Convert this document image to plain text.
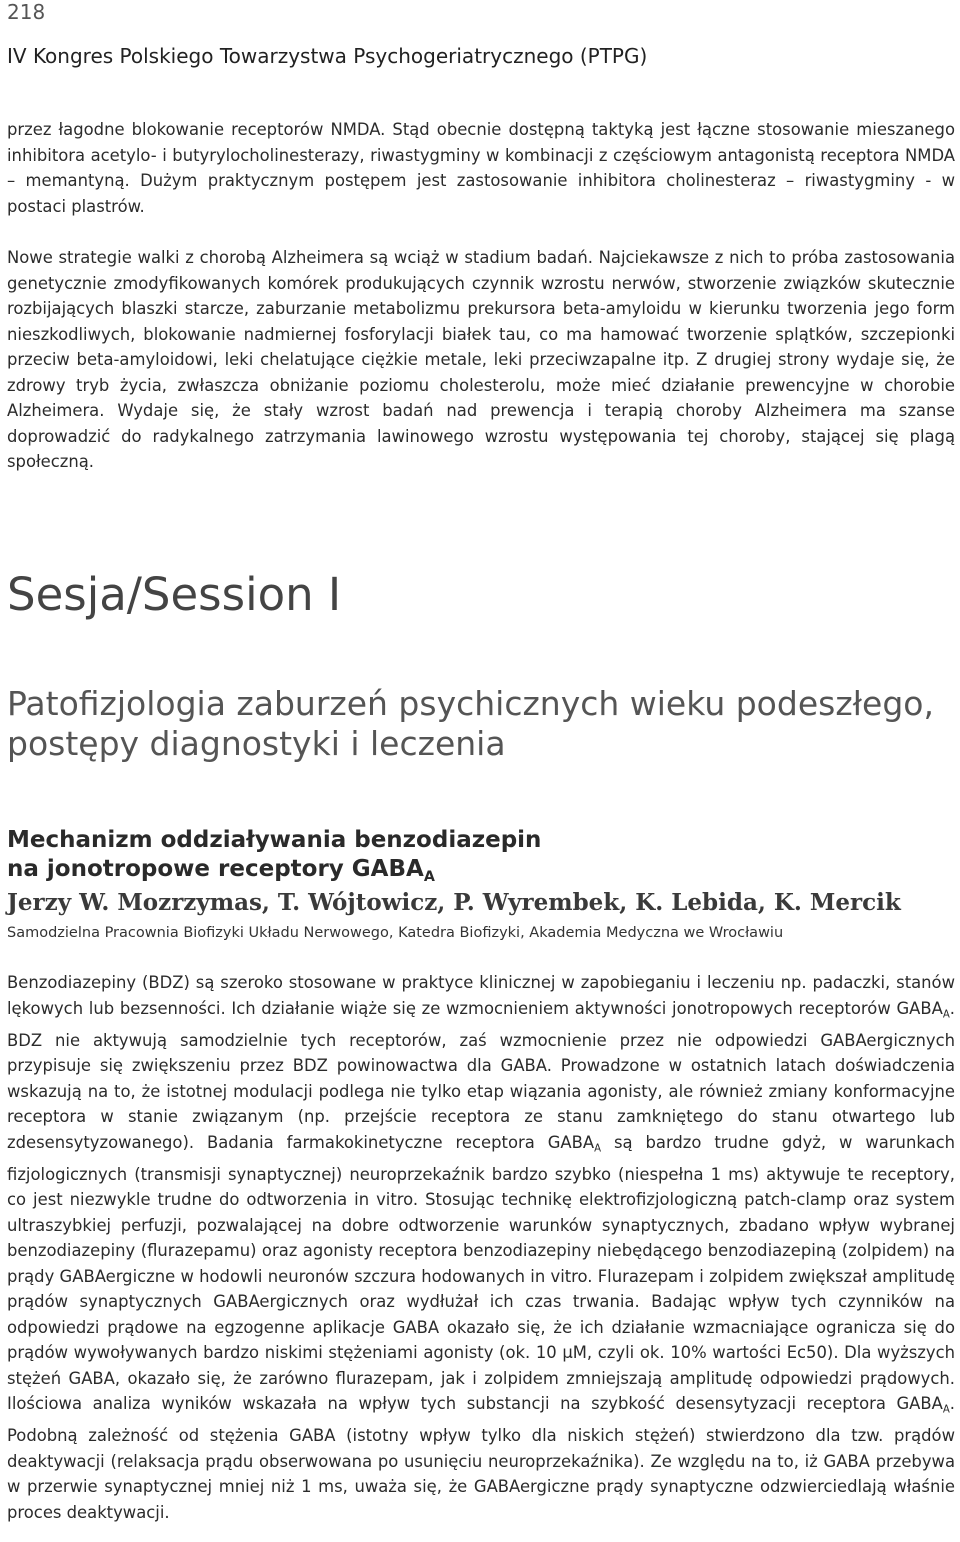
218
IV Kongres Polskiego Towarzystwa Psychogeriatrycznego (PTPG)

przez łagodne blokowanie receptorów NMDA. Stąd obecnie dostępną taktyką jest łączne stosowanie mieszanego inhibitora acetylo- i butyrylocholinesterazy, riwastygminy w kombinacji z częściowym antagonistą receptora NMDA – memantyną. Dużym praktycznym postępem jest zastosowanie inhibitora cholinesteraz – riwastygminy - w postaci plastrów.

Nowe strategie walki z chorobą Alzheimera są wciąż w stadium badań. Najciekawsze z nich to próba zastosowania genetycznie zmodyfikowanych komórek produkujących czynnik wzrostu nerwów, stworzenie związków skutecznie rozbijających blaszki starcze, zaburzanie metabolizmu prekursora beta-amyloidu w kierunku tworzenia jego form nieszkodliwych, blokowanie nadmiernej fosforylacji białek tau, co ma hamować tworzenie splątków, szczepionki przeciw beta-amyloidowi, leki chelatujące ciężkie metale, leki przeciwzapalne itp. Z drugiej strony wydaje się, że zdrowy tryb życia, zwłaszcza obniżanie poziomu cholesterolu, może mieć działanie prewencyjne w chorobie Alzheimera. Wydaje się, że stały wzrost badań nad prewencja i terapią choroby Alzheimera ma szanse doprowadzić do radykalnego zatrzymania lawinowego wzrostu występowania tej choroby, stającej się plagą społeczną.

Sesja/Session I
Patofizjologia zaburzeń psychicznych wieku podeszłego,
postępy diagnostyki i leczenia
Mechanizm oddziaływania benzodiazepin
na jonotropowe receptory $GABA_A$
Jerzy W. Mozrzymas, T. Wójtowicz, P. Wyrembek, K. Lebida, K. Mercik
Samodzielna Pracownia Biofizyki Układu Nerwowego, Katedra Biofizyki, Akademia Medyczna we Wrocławiu

Benzodiazepiny (BDZ) są szeroko stosowane w praktyce klinicznej w zapobieganiu i leczeniu np. padaczki, stanów lękowych lub bezsenności. Ich działanie wiąże się ze wzmocnieniem aktywności jonotropowych receptorów $GABA_A$. BDZ nie aktywują samodzielnie tych receptorów, zaś wzmocnienie przez nie odpowiedzi GABAergicznych przypisuje się zwiększeniu przez BDZ powinowactwa dla GABA. Prowadzone w ostatnich latach doświadczenia wskazują na to, że istotnej modulacji podlega nie tylko etap wiązania agonisty, ale również zmiany konformacyjne receptora w stanie związanym (np. przejście receptora ze stanu zamkniętego do stanu otwartego lub zdesensytyzowanego). Badania farmakokinetyczne receptora $GABA_A$ są bardzo trudne gdyż, w warunkach fizjologicznych (transmisji synaptycznej) neuroprzekaźnik bardzo szybko (niespełna 1 ms) aktywuje te receptory, co jest niezwykle trudne do odtworzenia in vitro. Stosując technikę elektrofizjologiczną patch-clamp oraz system ultraszybkiej perfuzji, pozwalającej na dobre odtworzenie warunków synaptycznych, zbadano wpływ wybranej benzodiazepiny (flurazepamu) oraz agonisty receptora benzodiazepiny niebędącego benzodiazepiną (zolpidem) na prądy GABAergiczne w hodowli neuronów szczura hodowanych in vitro. Flurazepam i zolpidem zwiększał amplitudę prądów synaptycznych GABAergicznych oraz wydłużał ich czas trwania. Badając wpływ tych czynników na odpowiedzi prądowe na egzogenne aplikacje GABA okazało się, że ich działanie wzmacniające ogranicza się do prądów wywoływanych bardzo niskimi stężeniami agonisty (ok. 10 μM, czyli ok. 10% wartości Ec50). Dla wyższych stężeń GABA, okazało się, że zarówno flurazepam, jak i zolpidem zmniejszają amplitudę odpowiedzi prądowych. Ilościowa analiza wyników wskazała na wpływ tych substancji na szybkość desensytyzacji receptora $GABA_A$. Podobną zależność od stężenia GABA (istotny wpływ tylko dla niskich stężeń) stwierdzono dla tzw. prądów deaktywacji (relaksacja prądu obserwowana po usunięciu neuroprzekaźnika). Ze względu na to, iż GABA przebywa w przerwie synaptycznej mniej niż 1 ms, uważa się, że GABAergiczne prądy synaptyczne odzwierciedlają właśnie proces deaktywacji.
